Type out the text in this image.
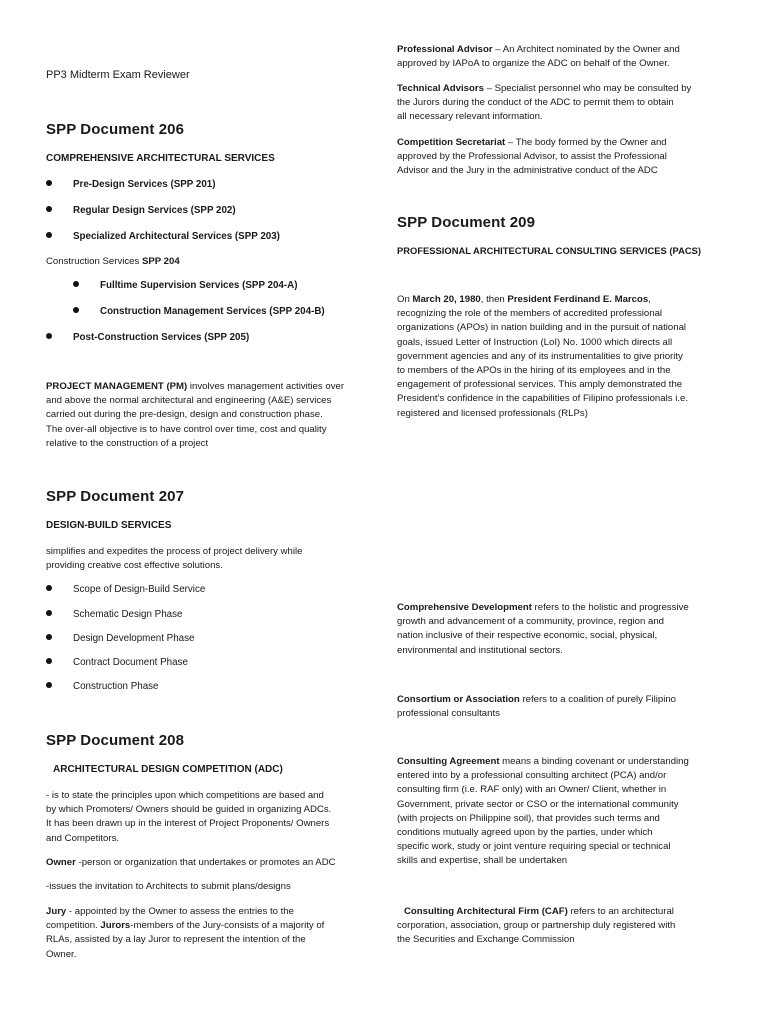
PP3 Midterm Exam Reviewer

SPP Document 206

COMPREHENSIVE ARCHITECTURAL SERVICES

Pre-Design Services (SPP 201)
Regular Design Services (SPP 202)
Specialized Architectural Services (SPP 203)

Construction Services SPP 204

Fulltime Supervision Services (SPP 204-A)
Construction Management Services (SPP 204-B)
Post-Construction Services (SPP 205)

PROJECT MANAGEMENT (PM) involves management activities over

and above the normal architectural and engineering (A&E) services

carried out during the pre-design, design and construction phase.

The over-all objective is to have control over time, cost and quality

relative to the construction of a project

SPP Document 207

DESIGN-BUILD SERVICES

simplifies and expedites the process of project delivery while

providing creative cost effective solutions.

Scope of Design-Build Service
Schematic Design Phase
Design Development Phase
Contract Document Phase
Construction Phase

SPP Document 208

ARCHITECTURAL DESIGN COMPETITION (ADC)

- is to state the principles upon which competitions are based and

by which Promoters/ Owners should be guided in organizing ADCs.

It has been drawn up in the interest of Project Proponents/ Owners

and Competitors.

Owner -person or organization that undertakes or promotes an ADC

-issues the invitation to Architects to submit plans/designs

Jury - appointed by the Owner to assess the entries to the

competition. Jurors-members of the Jury-consists of a majority of

RLAs, assisted by a lay Juror to represent the intention of the

Owner.

Professional Advisor – An Architect nominated by the Owner and

approved by IAPoA to organize the ADC on behalf of the Owner.

Technical Advisors – Specialist personnel who may be consulted by

the Jurors during the conduct of the ADC to permit them to obtain

all necessary relevant information.

Competition Secretariat – The body formed by the Owner and

approved by the Professional Advisor, to assist the Professional

Advisor and the Jury in the administrative conduct of the ADC

SPP Document 209

PROFESSIONAL ARCHITECTURAL CONSULTING SERVICES (PACS)

On March 20, 1980, then President Ferdinand E. Marcos,

recognizing the role of the members of accredited professional

organizations (APOs) in nation building and in the pursuit of national

goals, issued Letter of Instruction (LoI) No. 1000 which directs all

government agencies and any of its instrumentalities to give priority

to members of the APOs in the hiring of its employees and in the

engagement of professional services. This amply demonstrated the

President’s confidence in the capabilities of Filipino professionals i.e.

registered and licensed professionals (RLPs)

Comprehensive Development refers to the holistic and progressive

growth and advancement of a community, province, region and

nation inclusive of their respective economic, social, physical,

environmental and institutional sectors.

Consortium or Association refers to a coalition of purely Filipino

professional consultants

Consulting Agreement means a binding covenant or understanding

entered into by a professional consulting architect (PCA) and/or

consulting firm (i.e. RAF only) with an Owner/ Client, whether in

Government, private sector or CSO or the international community

(with projects on Philippine soil), that provides such terms and

conditions mutually agreed upon by the parties, under which

specific work, study or joint venture requiring special or technical

skills and expertise, shall be undertaken

Consulting Architectural Firm (CAF) refers to an architectural

corporation, association, group or partnership duly registered with

the Securities and Exchange Commission
